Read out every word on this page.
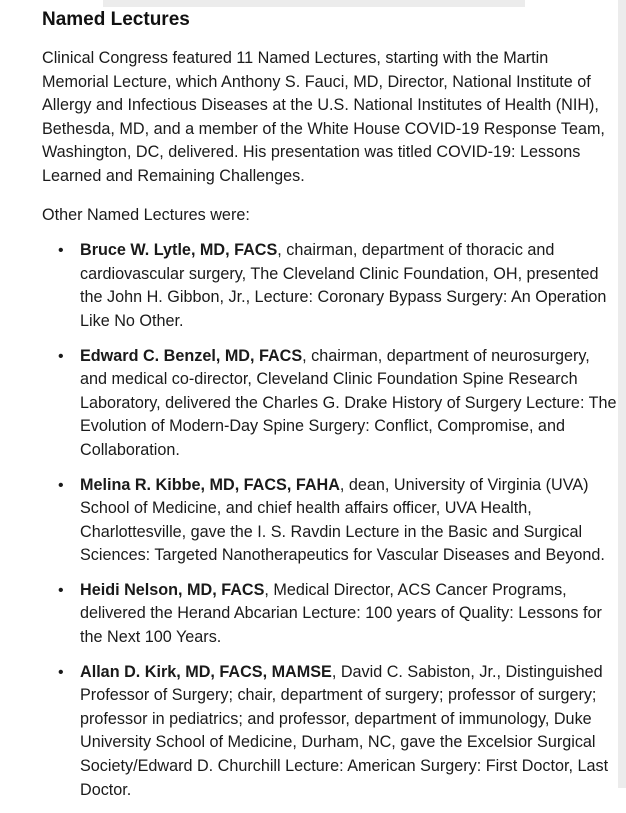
Named Lectures

Clinical Congress featured 11 Named Lectures, starting with the Martin Memorial Lecture, which Anthony S. Fauci, MD, Director, National Institute of Allergy and Infectious Diseases at the U.S. National Institutes of Health (NIH), Bethesda, MD, and a member of the White House COVID-19 Response Team, Washington, DC, delivered. His presentation was titled COVID-19: Lessons Learned and Remaining Challenges.

Other Named Lectures were:

• Bruce W. Lytle, MD, FACS, chairman, department of thoracic and cardiovascular surgery, The Cleveland Clinic Foundation, OH, presented the John H. Gibbon, Jr., Lecture: Coronary Bypass Surgery: An Operation Like No Other.
• Edward C. Benzel, MD, FACS, chairman, department of neurosurgery, and medical co-director, Cleveland Clinic Foundation Spine Research Laboratory, delivered the Charles G. Drake History of Surgery Lecture: The Evolution of Modern-Day Spine Surgery: Conflict, Compromise, and Collaboration.
• Melina R. Kibbe, MD, FACS, FAHA, dean, University of Virginia (UVA) School of Medicine, and chief health affairs officer, UVA Health, Charlottesville, gave the I. S. Ravdin Lecture in the Basic and Surgical Sciences: Targeted Nanotherapeutics for Vascular Diseases and Beyond.
• Heidi Nelson, MD, FACS, Medical Director, ACS Cancer Programs, delivered the Herand Abcarian Lecture: 100 years of Quality: Lessons for the Next 100 Years.
• Allan D. Kirk, MD, FACS, MAMSE, David C. Sabiston, Jr., Distinguished Professor of Surgery; chair, department of surgery; professor of surgery; professor in pediatrics; and professor, department of immunology, Duke University School of Medicine, Durham, NC, gave the Excelsior Surgical Society/Edward D. Churchill Lecture: American Surgery: First Doctor, Last Doctor.
